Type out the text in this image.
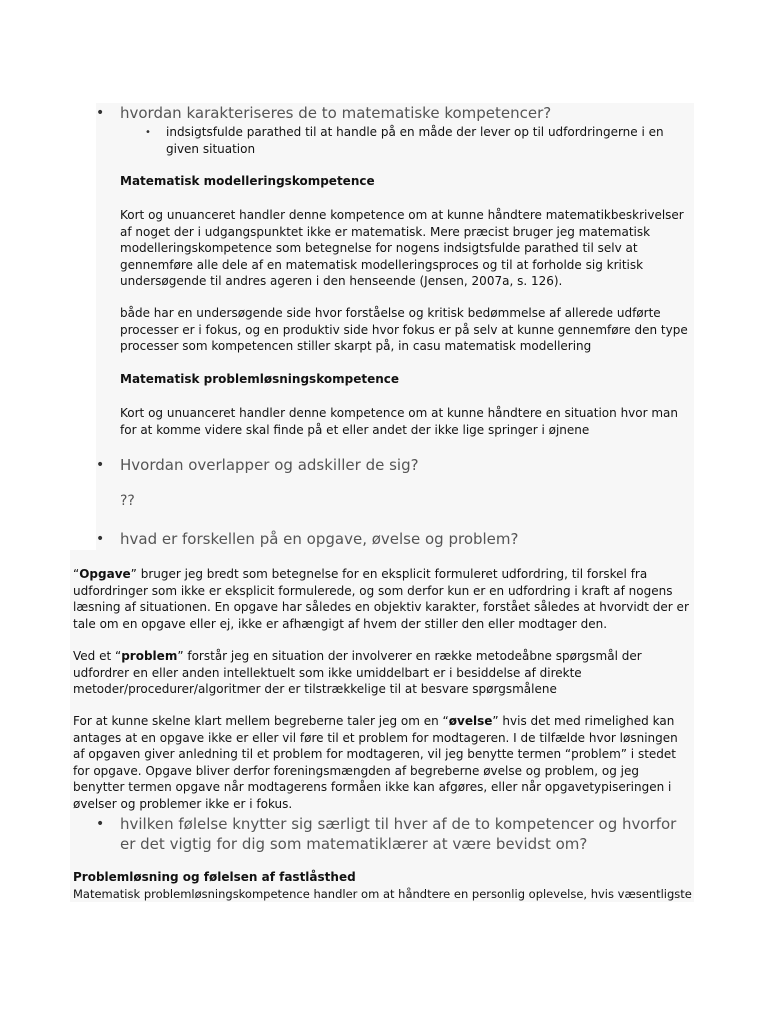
• hvordan karakteriseres de to matematiske kompetencer?
• indsigtsfulde parathed til at handle på en måde der lever op til udfordringerne i en given situation
Matematisk modelleringskompetence
Kort og unuanceret handler denne kompetence om at kunne håndtere matematikbeskrivelser af noget der i udgangspunktet ikke er matematisk. Mere præcist bruger jeg matematisk modelleringskompetence som betegnelse for nogens indsigtsfulde parathed til selv at gennemføre alle dele af en matematisk modelleringsproces og til at forholde sig kritisk undersøgende til andres ageren i den henseende (Jensen, 2007a, s. 126).
både har en undersøgende side hvor forståelse og kritisk bedømmelse af allerede udførte processer er i fokus, og en produktiv side hvor fokus er på selv at kunne gennemføre den type processer som kompetencen stiller skarpt på, in casu matematisk modellering
Matematisk problemløsningskompetence
Kort og unuanceret handler denne kompetence om at kunne håndtere en situation hvor man for at komme videre skal finde på et eller andet der ikke lige springer i øjnene
• Hvordan overlapper og adskiller de sig?
??
• hvad er forskellen på en opgave, øvelse og problem?
“Opgave” bruger jeg bredt som betegnelse for en eksplicit formuleret udfordring, til forskel fra udfordringer som ikke er eksplicit formulerede, og som derfor kun er en udfordring i kraft af nogens læsning af situationen. En opgave har således en objektiv karakter, forstået således at hvorvidt der er tale om en opgave eller ej, ikke er afhængigt af hvem der stiller den eller modtager den.
Ved et “problem” forstår jeg en situation der involverer en række metodeåbne spørgsmål der udfordrer en eller anden intellektuelt som ikke umiddelbart er i besiddelse af direkte metoder/procedurer/algoritmer der er tilstrækkelige til at besvare spørgsmålene
For at kunne skelne klart mellem begreberne taler jeg om en “øvelse” hvis det med rimelighed kan antages at en opgave ikke er eller vil føre til et problem for modtageren. I de tilfælde hvor løsningen af opgaven giver anledning til et problem for modtageren, vil jeg benytte termen “problem” i stedet for opgave. Opgave bliver derfor foreningsmængden af begreberne øvelse og problem, og jeg benytter termen opgave når modtagerens formåen ikke kan afgøres, eller når opgavetypiseringen i øvelser og problemer ikke er i fokus.
• hvilken følelse knytter sig særligt til hver af de to kompetencer og hvorfor er det vigtig for dig som matematiklærer at være bevidst om?
Problemløsning og følelsen af fastlåsthed
Matematisk problemløsningskompetence handler om at håndtere en personlig oplevelse, hvis væsentligste
